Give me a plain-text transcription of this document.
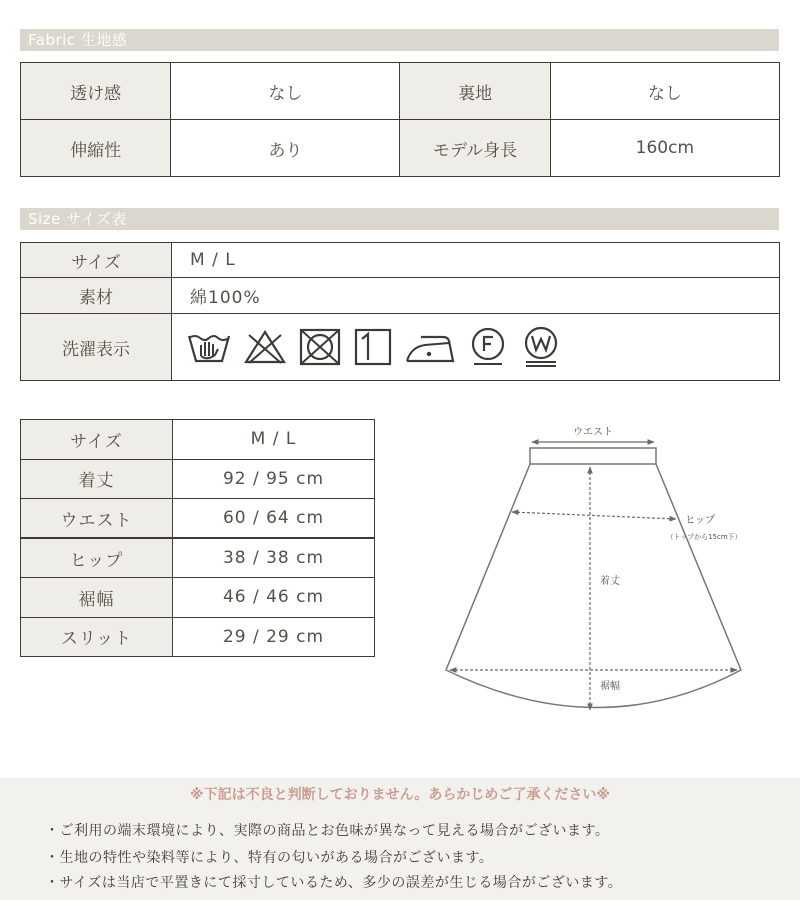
Fabric 生地感
透け感	なし	裏地	なし
伸縮性	あり	モデル身長	160cm
Size サイズ表
サイズ	M / L
素材	綿100%
洗濯表示	
サイズ	M / L
着丈	92 / 95 cm
ウエスト	60 / 64 cm
ヒップ	38 / 38 cm
裾幅	46 / 46 cm
スリット	29 / 29 cm
ウエスト
ヒップ
（トップから15cm下）
着丈
裾幅
※下記は不良と判断しておりません。あらかじめご了承ください※
・ご利用の端末環境により、実際の商品とお色味が異なって見える場合がございます。
・生地の特性や染料等により、特有の匂いがある場合がございます。
・サイズは当店で平置きにて採寸しているため、多少の誤差が生じる場合がございます。
